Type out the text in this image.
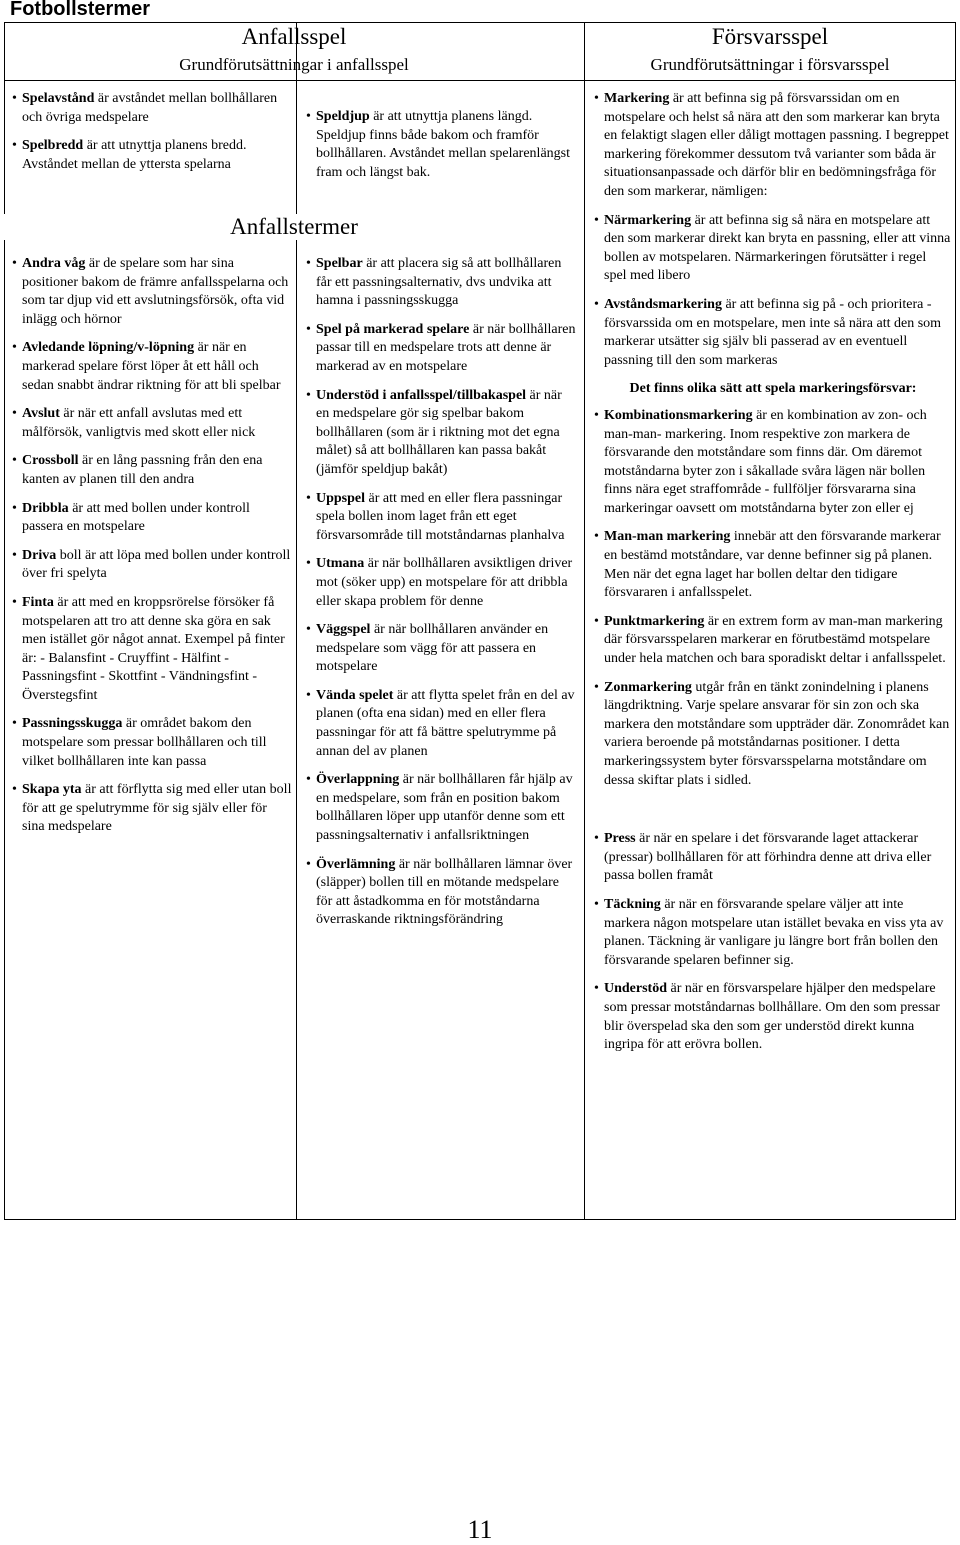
Fotbollstermer
Anfallsspel
Grundförutsättningar i anfallsspel
Försvarsspel
Grundförutsättningar i försvarsspel
• Spelavstånd är avståndet mellan bollhållaren och övriga medspelare
• Spelbredd är att utnyttja planens bredd. Avståndet mellan de yttersta spelarna
• Speldjup är att utnyttja planens längd. Speldjup finns både bakom och framför bollhållaren. Avståndet mellan spelarenlängst fram och längst bak.
Anfallstermer
• Andra våg är de spelare som har sina positioner bakom de främre anfallsspelarna och som tar djup vid ett avslutningsförsök, ofta vid inlägg och hörnor
• Avledande löpning/v-löpning är när en markerad spelare först löper åt ett håll och sedan snabbt ändrar riktning för att bli spelbar
• Avslut är när ett anfall avslutas med ett målförsök, vanligtvis med skott eller nick
• Crossboll är en lång passning från den ena kanten av planen till den andra
• Dribbla är att med bollen under kontroll passera en motspelare
• Driva boll är att löpa med bollen under kontroll över fri spelyta
• Finta är att med en kroppsrörelse försöker få motspelaren att tro att denne ska göra en sak men istället gör något annat. Exempel på finter är: - Balansfint - Cruyffint - Hälfint - Passningsfint - Skottfint - Vändningsfint - Överstegsfint
• Passningsskugga är området bakom den motspelare som pressar bollhållaren och till vilket bollhållaren inte kan passa
• Skapa yta är att förflytta sig med eller utan boll för att ge spelutrymme för sig själv eller för sina medspelare
• Spelbar är att placera sig så att bollhållaren får ett passningsalternativ, dvs undvika att hamna i passningsskugga
• Spel på markerad spelare är när bollhållaren passar till en medspelare trots att denne är markerad av en motspelare
• Understöd i anfallsspel/tillbakaspel är när en medspelare gör sig spelbar bakom bollhållaren (som är i riktning mot det egna målet) så att bollhållaren kan passa bakåt (jämför speldjup bakåt)
• Uppspel är att med en eller flera passningar spela bollen inom laget från ett eget försvarsområde till motståndarnas planhalva
• Utmana är när bollhållaren avsiktligen driver mot (söker upp) en motspelare för att dribbla eller skapa problem för denne
• Väggspel är när bollhållaren använder en medspelare som vägg för att passera en motspelare
• Vända spelet är att flytta spelet från en del av planen (ofta ena sidan) med en eller flera passningar för att få bättre spelutrymme på annan del av planen
• Överlappning är när bollhållaren får hjälp av en medspelare, som från en position bakom bollhållaren löper upp utanför denne som ett passningsalternativ i anfallsriktningen
• Överlämning är när bollhållaren lämnar över (släpper) bollen till en mötande medspelare för att åstadkomma en för motståndarna överraskande riktningsförändring
• Markering är att befinna sig på försvarssidan om en motspelare och helst så nära att den som markerar kan bryta en felaktigt slagen eller dåligt mottagen passning. I begreppet markering förekommer dessutom två varianter som båda är situationsanpassade och därför blir en bedömningsfråga för den som markerar, nämligen:
• Närmarkering är att befinna sig så nära en motspelare att den som markerar direkt kan bryta en passning, eller att vinna bollen av motspelaren. Närmarkeringen förutsätter i regel spel med libero
• Avståndsmarkering är att befinna sig på - och prioritera - försvarssida om en motspelare, men inte så nära att den som markerar utsätter sig själv bli passerad av en eventuell passning till den som markeras
Det finns olika sätt att spela markeringsförsvar:
• Kombinationsmarkering är en kombination av zon- och man-man- markering. Inom respektive zon markera de försvarande den motståndare som finns där. Om däremot motståndarna byter zon i såkallade svåra lägen när bollen finns nära eget straffområde - fullföljer försvararna sina markeringar oavsett om motståndarna byter zon eller ej
• Man-man markering innebär att den försvarande markerar en bestämd motståndare, var denne befinner sig på planen. Men när det egna laget har bollen deltar den tidigare försvararen i anfallsspelet.
• Punktmarkering är en extrem form av man-man markering där försvarsspelaren markerar en förutbestämd motspelare under hela matchen och bara sporadiskt deltar i anfallsspelet.
• Zonmarkering utgår från en tänkt zonindelning i planens längdriktning. Varje spelare ansvarar för sin zon och ska markera den motståndare som uppträder där. Zonområdet kan variera beroende på motståndarnas positioner. I detta markeringssystem byter försvarsspelarna motståndare om dessa skiftar plats i sidled.
• Press är när en spelare i det försvarande laget attackerar (pressar) bollhållaren för att förhindra denne att driva eller passa bollen framåt
• Täckning är när en försvarande spelare väljer att inte markera någon motspelare utan istället bevaka en viss yta av planen. Täckning är vanligare ju längre bort från bollen den försvarande spelaren befinner sig.
• Understöd är när en försvarspelare hjälper den medspelare som pressar motståndarnas bollhållare. Om den som pressar blir överspelad ska den som ger understöd direkt kunna ingripa för att erövra bollen.
11
